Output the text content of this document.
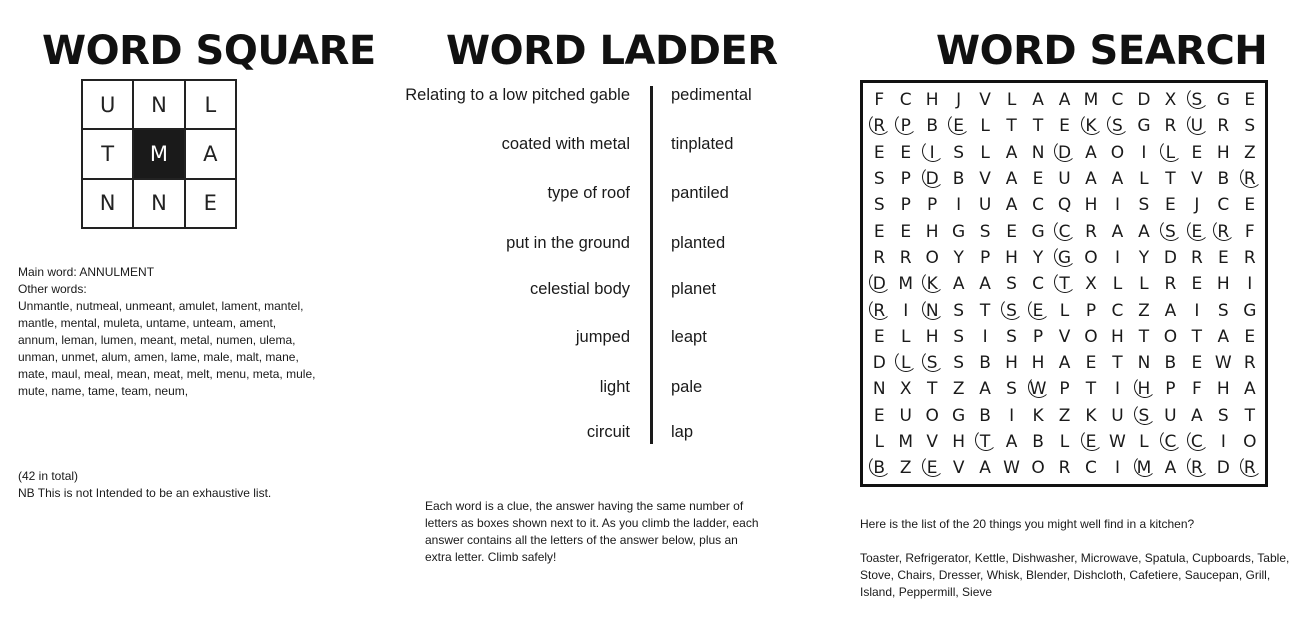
WORD SQUARE
U	N	L
T	M	A
N	N	E
Main word: ANNULMENT
Other words:
Unmantle, nutmeal, unmeant, amulet, lament, mantel, mantle, mental, muleta, untame, unteam, ament, annum, leman, lumen, meant, metal, numen, ulema, unman, unmet, alum, amen, lame, male, malt, mane, mate, maul, meal, mean, meat, melt, menu, meta, mule, mute, name, tame, team, neum,
(42 in total)
NB This is not Intended to be an exhaustive list.
WORD LADDER
Relating to a low pitched gable pedimental
coated with metal tinplated
type of roof pantiled
put in the ground planted
celestial body planet
jumped leapt
light pale
circuit lap
Each word is a clue, the answer having the same number of letters as boxes shown next to it. As you climb the ladder, each answer contains all the letters of the answer below, plus an extra letter. Climb safely!
WORD SEARCH
F C H	J	V L A A M C D X S G E
R P B E L T T E K S G R U R S
E E	I	S L A N D A O	I	L E H Z
S P D B V A E U A A L T V B R
S P P	I	U A C Q H	I	S E	J	C E
E E H G S E G C R A A S E R F
R R O Y P H Y G O	I	Y D R E R
D M K A A S C T X L L R E H	I
R	I	N S T S E L P C Z A	I	S G
E L H S	I	S P V O H T O T A E
D L S S B H H A E T N B E W R
N X T Z A S W P T	I	H P F H A
E U O G B	I	K Z K U S U A S T
L M V H T A B L E W L C C	I	O
B Z E V A W O R C	I M A R D R
Here is the list of the 20 things you might well find in a kitchen?
Toaster, Refrigerator, Kettle, Dishwasher, Microwave, Spatula, Cupboards, Table, Stove, Chairs, Dresser, Whisk, Blender, Dishcloth, Cafetiere, Saucepan, Grill, Island, Peppermill, Sieve
